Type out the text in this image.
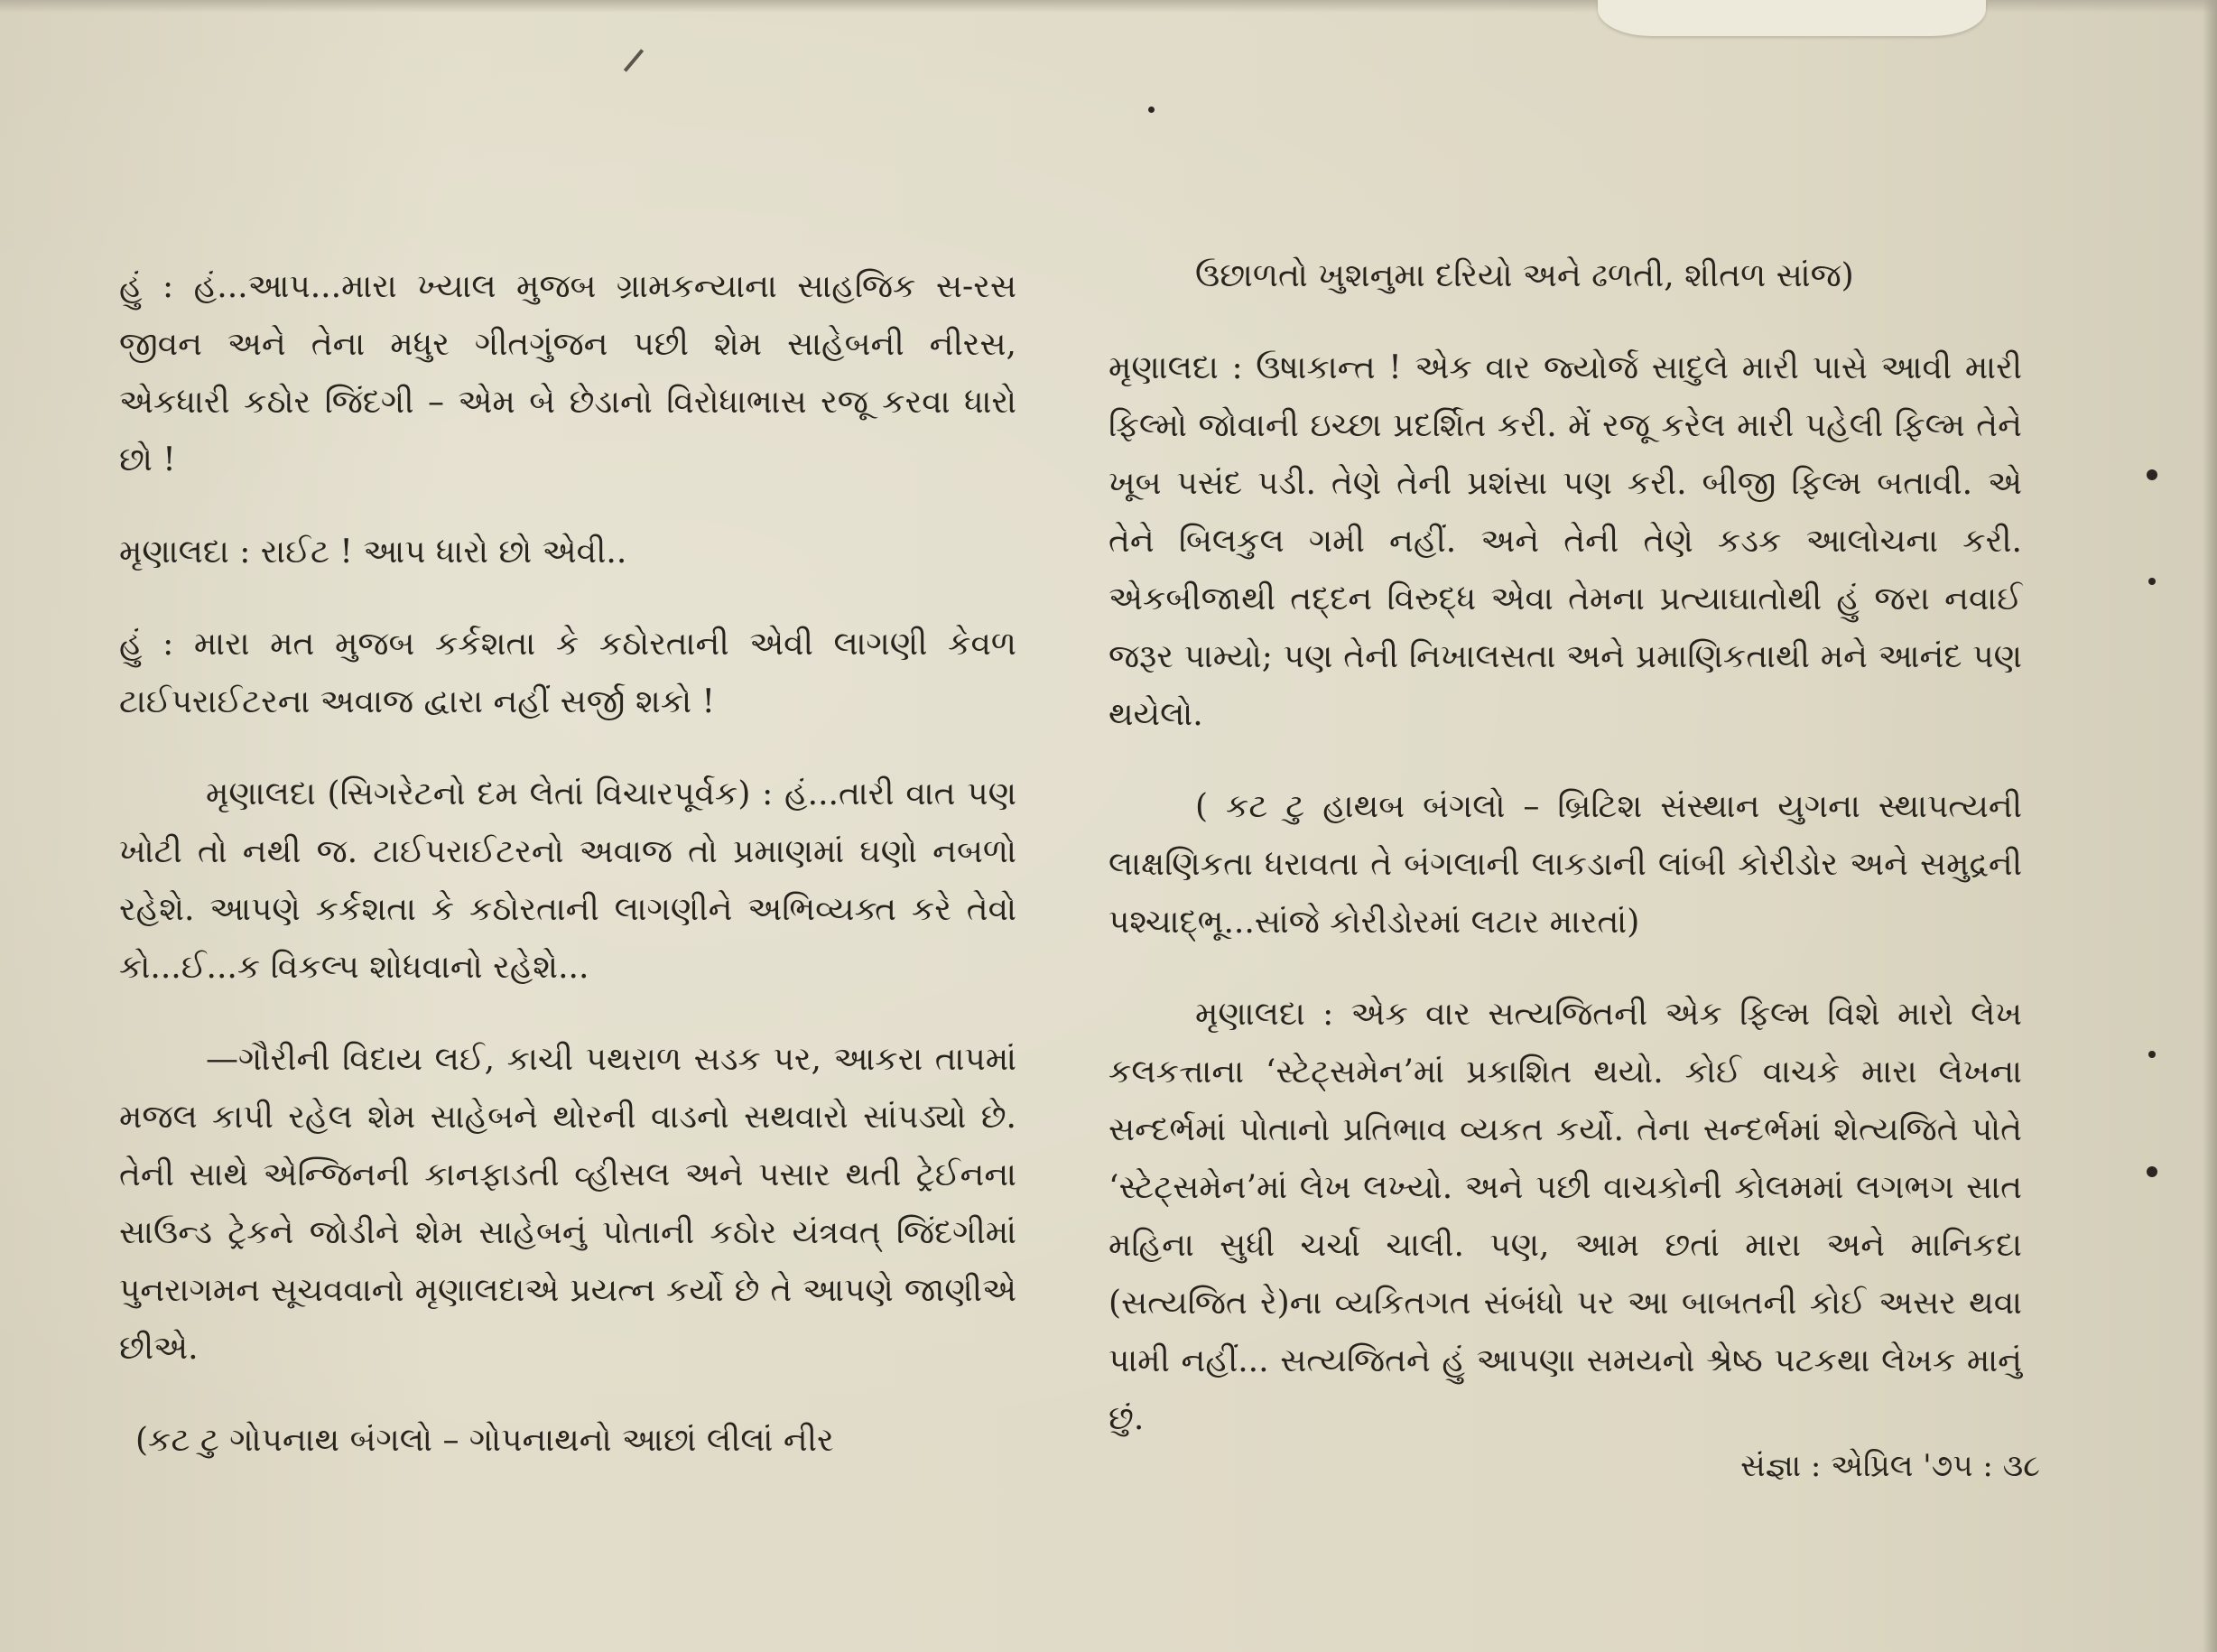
હું : હં...આપ...મારા ખ્યાલ મુજબ ગ્રામકન્યાના સાહજિક સ-રસ જીવન અને તેના મધુર ગીતગુંજન પછી શેમ સાહેબની નીરસ, એકધારી કઠોર જિંદગી – એમ બે છેડાનો વિરોધાભાસ રજૂ કરવા ધારો છો !

મૃણાલદા : રાઈટ ! આપ ધારો છો એવી..

હું : મારા મત મુજબ કર્કશતા કે કઠોરતાની એવી લાગણી કેવળ ટાઈપરાઈટરના અવાજ દ્વારા નહીં સર્જી શકો !

મૃણાલદા (સિગરેટનો દમ લેતાં વિચારપૂર્વક) : હં...તારી વાત પણ ખોટી તો નથી જ. ટાઈપરાઈટરનો અવાજ તો પ્રમાણમાં ઘણો નબળો રહેશે. આપણે કર્કશતા કે કઠોરતાની લાગણીને અભિવ્યક્ત કરે તેવો કો...ઈ...ક વિકલ્પ શોધવાનો રહેશે...

—ગૌરીની વિદાય લઈ, કાચી પથરાળ સડક પર, આકરા તાપમાં મજલ કાપી રહેલ શેમ સાહેબને થોરની વાડનો સથવારો સાંપડ્યો છે. તેની સાથે એન્જિનની કાનફાડતી વ્હીસલ અને પસાર થતી ટ્રેઈનના સાઉન્ડ ટ્રેકને જોડીને શેમ સાહેબનું પોતાની કઠોર યંત્રવત્ જિંદગીમાં પુનરાગમન સૂચવવાનો મૃણાલદાએ પ્રયત્ન કર્યો છે તે આપણે જાણીએ છીએ.

(કટ ટુ ગોપનાથ બંગલો – ગોપનાથનો આછાં લીલાં નીર

ઉછાળતો ખુશનુમા દરિયો અને ઢળતી, શીતળ સાંજ)

મૃણાલદા : ઉષાકાન્ત ! એક વાર જ્યોર્જ સાદુલે મારી પાસે આવી મારી ફિલ્મો જોવાની ઇચ્છા પ્રદર્શિત કરી. મેં રજૂ કરેલ મારી પહેલી ફિલ્મ તેને ખૂબ પસંદ પડી. તેણે તેની પ્રશંસા પણ કરી. બીજી ફિલ્મ બતાવી. એ તેને બિલકુલ ગમી નહીં. અને તેની તેણે કડક આલોચના કરી. એકબીજાથી તદ્દન વિરુદ્ધ એવા તેમના પ્રત્યાઘાતોથી હું જરા નવાઈ જરૂર પામ્યો; પણ તેની નિખાલસતા અને પ્રમાણિકતાથી મને આનંદ પણ થયેલો.

( કટ ટુ હાથબ બંગલો – બ્રિટિશ સંસ્થાન યુગના સ્થાપત્યની લાક્ષણિકતા ધરાવતા તે બંગલાની લાકડાની લાંબી કોરીડોર અને સમુદ્રની પશ્ચાદ્ભૂ...સાંજે કોરીડોરમાં લટાર મારતાં)

મૃણાલદા : એક વાર સત્યજિતની એક ફિલ્મ વિશે મારો લેખ કલકત્તાના ‘સ્ટેટ્સમેન’માં પ્રકાશિત થયો. કોઈ વાચકે મારા લેખના સન્દર્ભમાં પોતાનો પ્રતિભાવ વ્યકત કર્યો. તેના સન્દર્ભમાં શેત્યજિતે પોતે ‘સ્ટેટ્સમેન’માં લેખ લખ્યો. અને પછી વાચકોની કોલમમાં લગભગ સાત મહિના સુધી ચર્ચા ચાલી. પણ, આમ છતાં મારા અને માનિકદા (સત્યજિત રે)ના વ્યકિતગત સંબંધો પર આ બાબતની કોઈ અસર થવા પામી નહીં... સત્યજિતને હું આપણા સમયનો શ્રેષ્ઠ પટકથા લેખક માનું છું.

સંજ્ઞા : એપ્રિલ '૭૫ : ૩૮
